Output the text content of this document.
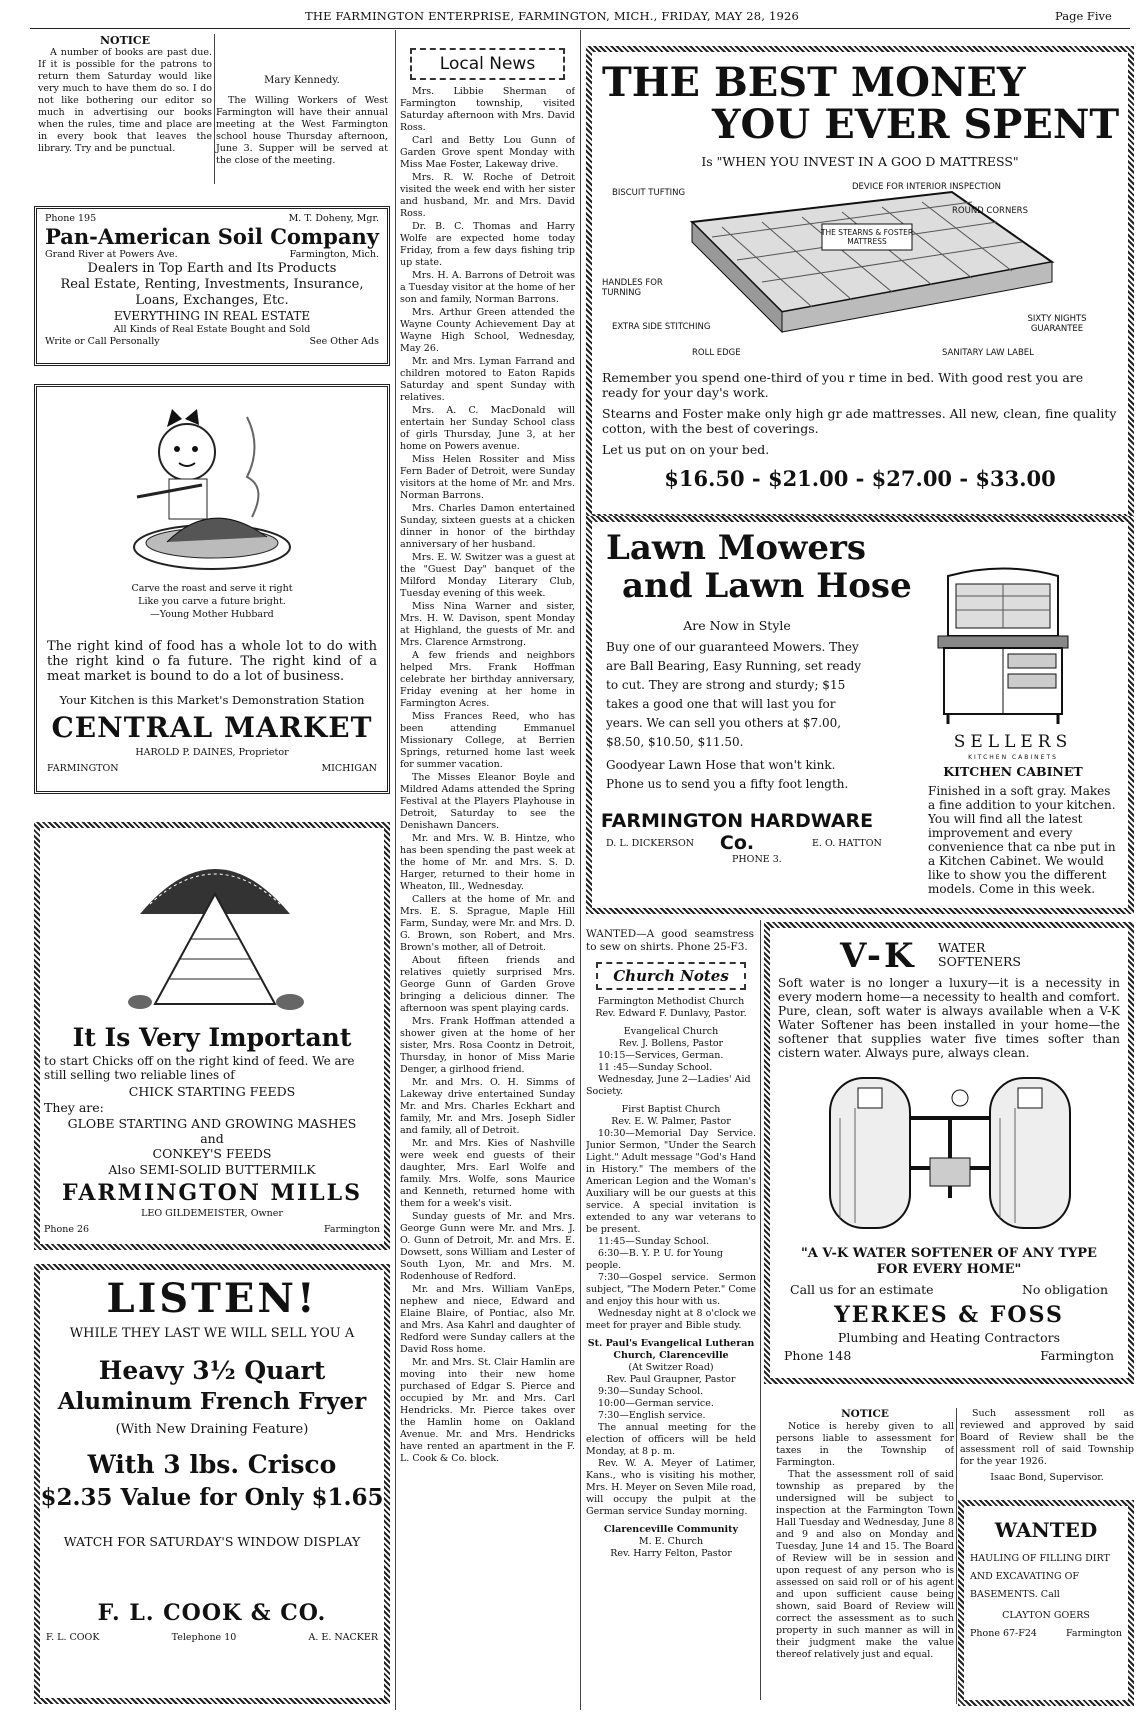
THE FARMINGTON ENTERPRISE, FARMINGTON, MICH., FRIDAY, MAY 28, 1926	Page Five
NOTICE

A number of books are past due. If it is possible for the patrons to return them Saturday would like very much to have them do so. I do not like bothering our editor so much in advertising our books when the rules, time and place are in every book that leaves the library. Try and be punctual.

Mary Kennedy.

The Willing Workers of West Farmington will have their annual meeting at the West Farmington school house Thursday afternoon, June 3. Supper will be served at the close of the meeting.

Phone 195	M. T. Doheny, Mgr.
Pan-American Soil Company
Grand River at Powers Ave.	Farmington, Mich.
Dealers in Top Earth and Its Products
Real Estate, Renting, Investments, Insurance,
Loans, Exchanges, Etc.
EVERYTHING IN REAL ESTATE
All Kinds of Real Estate Bought and Sold
Write or Call Personally	See Other Ads
Carve the roast and serve it right
Like you carve a future bright.
—Young Mother Hubbard

The right kind of food has a whole lot to do with the right kind o fa future. The right kind of a meat market is bound to do a lot of business.

Your Kitchen is this Market's Demonstration Station
CENTRAL MARKET
HAROLD P. DAINES, Proprietor
FARMINGTON	MICHIGAN
It Is Very Important

to start Chicks off on the right kind of feed. We are still selling two reliable lines of

CHICK STARTING FEEDS
They are:
GLOBE STARTING AND GROWING MASHES
and
CONKEY'S FEEDS
Also SEMI-SOLID BUTTERMILK
FARMINGTON MILLS
LEO GILDEMEISTER, Owner
Phone 26	Farmington
LISTEN!
WHILE THEY LAST WE WILL SELL YOU A
Heavy 3½ Quart
Aluminum French Fryer
(With New Draining Feature)
With 3 lbs. Crisco
$2.35 Value for Only $1.65
WATCH FOR SATURDAY'S WINDOW DISPLAY
F. L. COOK & CO.
F. L. COOK	Telephone 10	A. E. NACKER
Local News

Mrs. Libbie Sherman of Farmington township, visited Saturday afternoon with Mrs. David Ross.

Carl and Betty Lou Gunn of Garden Grove spent Monday with Miss Mae Foster, Lakeway drive.

Mrs. R. W. Roche of Detroit visited the week end with her sister and husband, Mr. and Mrs. David Ross.

Dr. B. C. Thomas and Harry Wolfe are expected home today Friday, from a few days fishing trip up state.

Mrs. H. A. Barrons of Detroit was a Tuesday visitor at the home of her son and family, Norman Barrons.

Mrs. Arthur Green attended the Wayne County Achievement Day at Wayne High School, Wednesday, May 26.

Mr. and Mrs. Lyman Farrand and children motored to Eaton Rapids Saturday and spent Sunday with relatives.

Mrs. A. C. MacDonald will entertain her Sunday School class of girls Thursday, June 3, at her home on Powers avenue.

Miss Helen Rossiter and Miss Fern Bader of Detroit, were Sunday visitors at the home of Mr. and Mrs. Norman Barrons.

Mrs. Charles Damon entertained Sunday, sixteen guests at a chicken dinner in honor of the birthday anniversary of her husband.

Mrs. E. W. Switzer was a guest at the "Guest Day" banquet of the Milford Monday Literary Club, Tuesday evening of this week.

Miss Nina Warner and sister, Mrs. H. W. Davison, spent Monday at Highland, the guests of Mr. and Mrs. Clarence Armstrong.

A few friends and neighbors helped Mrs. Frank Hoffman celebrate her birthday anniversary, Friday evening at her home in Farmington Acres.

Miss Frances Reed, who has been attending Emmanuel Missionary College, at Berrien Springs, returned home last week for summer vacation.

The Misses Eleanor Boyle and Mildred Adams attended the Spring Festival at the Players Playhouse in Detroit, Saturday to see the Denishawn Dancers.

Mr. and Mrs. W. B. Hintze, who has been spending the past week at the home of Mr. and Mrs. S. D. Harger, returned to their home in Wheaton, Ill., Wednesday.

Callers at the home of Mr. and Mrs. E. S. Sprague, Maple Hill Farm, Sunday, were Mr. and Mrs. D. G. Brown, son Robert, and Mrs. Brown's mother, all of Detroit.

About fifteen friends and relatives quietly surprised Mrs. George Gunn of Garden Grove bringing a delicious dinner. The afternoon was spent playing cards.

Mrs. Frank Hoffman attended a shower given at the home of her sister, Mrs. Rosa Coontz in Detroit, Thursday, in honor of Miss Marie Denger, a girlhood friend.

Mr. and Mrs. O. H. Simms of Lakeway drive entertained Sunday Mr. and Mrs. Charles Eckhart and family, Mr. and Mrs. Joseph Sidler and family, all of Detroit.

Mr. and Mrs. Kies of Nashville were week end guests of their daughter, Mrs. Earl Wolfe and family. Mrs. Wolfe, sons Maurice and Kenneth, returned home with them for a week's visit.

Sunday guests of Mr. and Mrs. George Gunn were Mr. and Mrs. J. O. Gunn of Detroit, Mr. and Mrs. E. Dowsett, sons William and Lester of South Lyon, Mr. and Mrs. M. Rodenhouse of Redford.

Mr. and Mrs. William VanEps, nephew and niece, Edward and Elaine Blaire, of Pontiac, also Mr. and Mrs. Asa Kahrl and daughter of Redford were Sunday callers at the David Ross home.

Mr. and Mrs. St. Clair Hamlin are moving into their new home purchased of Edgar S. Pierce and occupied by Mr. and Mrs. Carl Hendricks. Mr. Pierce takes over the Hamlin home on Oakland Avenue. Mr. and Mrs. Hendricks have rented an apartment in the F. L. Cook & Co. block.

THE BEST MONEY
YOU EVER SPENT
Is "WHEN YOU INVEST IN A GOO D MATTRESS"
THE STEARNS & FOSTER MATTRESS
BISCUIT TUFTING
DEVICE FOR INTERIOR INSPECTION
ROUND CORNERS
HANDLES FOR TURNING
EXTRA SIDE STITCHING
SIXTY NIGHTS GUARANTEE
ROLL EDGE	SANITARY LAW LABEL

Remember you spend one-third of you r time in bed. With good rest you are ready for your day's work.

Stearns and Foster make only high gr ade mattresses. All new, clean, fine quality cotton, with the best of coverings.

Let us put on on your bed.

$16.50 - $21.00 - $27.00 - $33.00
Lawn Mowers
and Lawn Hose
Are Now in Style

Buy one of our guaranteed Mowers. They are Ball Bearing, Easy Running, set ready to cut. They are strong and sturdy; $15 takes a good one that will last you for years. We can sell you others at $7.00, $8.50, $10.50, $11.50.

Goodyear Lawn Hose that won't kink. Phone us to send you a fifty foot length.

FARMINGTON HARDWARE Co.
D. L. DICKERSON	E. O. HATTON
PHONE 3.
SELLERS
KITCHEN CABINETS
KITCHEN CABINET

Finished in a soft gray. Makes a fine addition to your kitchen. You will find all the latest improvement and every convenience that ca nbe put in a Kitchen Cabinet. We would like to show you the different models. Come in this week.

WANTED—A good seamstress to sew on shirts. Phone 25-F3.

Church Notes
Farmington Methodist Church
Rev. Edward F. Dunlavy, Pastor.
Evangelical Church
Rev. J. Bollens, Pastor
10:15—Services, German.
11 :45—Sunday School.
Wednesday, June 2—Ladies' Aid Society.
First Baptist Church
Rev. E. W. Palmer, Pastor

10:30—Memorial Day Service. Junior Sermon, "Under the Search Light." Adult message "God's Hand in History." The members of the American Legion and the Woman's Auxiliary will be our guests at this service. A special invitation is extended to any war veterans to be present.

11:45—Sunday School.
6:30—B. Y. P. U. for Young people.

7:30—Gospel service. Sermon subject, "The Modern Peter." Come and enjoy this hour with us.

Wednesday night at 8 o'clock we meet for prayer and Bible study.

St. Paul's Evangelical Lutheran Church, Clarenceville
(At Switzer Road)
Rev. Paul Graupner, Pastor
9:30—Sunday School.
10:00—German service.
7:30—English service.

The annual meeting for the election of officers will be held Monday, at 8 p. m.

Rev. W. A. Meyer of Latimer, Kans., who is visiting his mother, Mrs. H. Meyer on Seven Mile road, will occupy the pulpit at the German service Sunday morning.

Clarenceville Community
M. E. Church
Rev. Harry Felton, Pastor
V-K WATER
SOFTENERS

Soft water is no longer a luxury—it is a necessity in every modern home—a necessity to health and comfort. Pure, clean, soft water is always available when a V-K Water Softener has been installed in your home—the softener that supplies water five times softer than cistern water. Always pure, always clean.

"A V-K WATER SOFTENER OF ANY TYPE
FOR EVERY HOME"
Call us for an estimate	No obligation
YERKES & FOSS
Plumbing and Heating Contractors
Phone 148	Farmington
NOTICE

Notice is hereby given to all persons liable to assessment for taxes in the Township of Farmington.

That the assessment roll of said township as prepared by the undersigned will be subject to inspection at the Farmington Town Hall Tuesday and Wednesday, June 8 and 9 and also on Monday and Tuesday, June 14 and 15. The Board of Review will be in session and upon request of any person who is assessed on said roll or of his agent and upon sufficient cause being shown, said Board of Review will correct the assessment as to such property in such manner as will in their judgment make the value thereof relatively just and equal.

Such assessment roll as reviewed and approved by said Board of Review shall be the assessment roll of said Township for the year 1926.

Isaac Bond, Supervisor.
WANTED

HAULING OF FILLING DIRT AND EXCAVATING OF BASEMENTS. Call

CLAYTON GOERS
Phone 67-F24	Farmington
